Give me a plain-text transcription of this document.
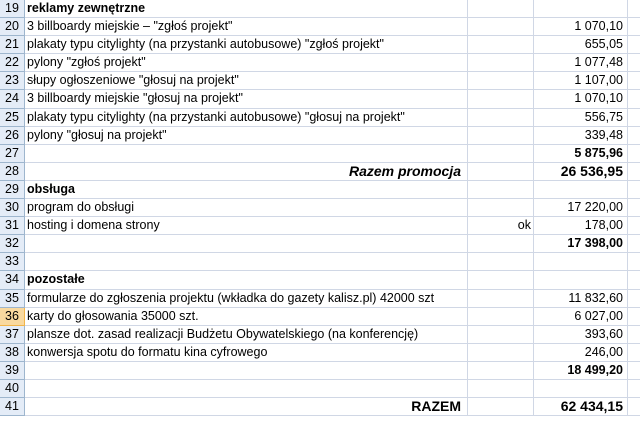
19 reklamy zewnętrzne
20 3 billboardy miejskie – "zgłoś projekt"	1 070,10
21 plakaty typu citylighty (na przystanki autobusowe) "zgłoś projekt"	655,05
22 pylony "zgłoś projekt"	1 077,48
23 słupy ogłoszeniowe "głosuj na projekt"	1 107,00
24 3 billboardy miejskie "głosuj na projekt"	1 070,10
25 plakaty typu citylighty (na przystanki autobusowe) "głosuj na projekt"	556,75
26 pylony "głosuj na projekt"	339,48
27	5 875,96
28	Razem promocja	26 536,95
29 obsługa
30 program do obsługi	17 220,00
31 hosting i domena strony	ok	178,00
32	17 398,00
33
34 pozostałe
35 formularze do zgłoszenia projektu (wkładka do gazety kalisz.pl) 42000 szt	11 832,60
36 karty do głosowania 35000 szt.	6 027,00
37 plansze dot. zasad realizacji Budżetu Obywatelskiego (na konferencję)	393,60
38 konwersja spotu do formatu kina cyfrowego	246,00
39	18 499,20
40
41	RAZEM	62 434,15
